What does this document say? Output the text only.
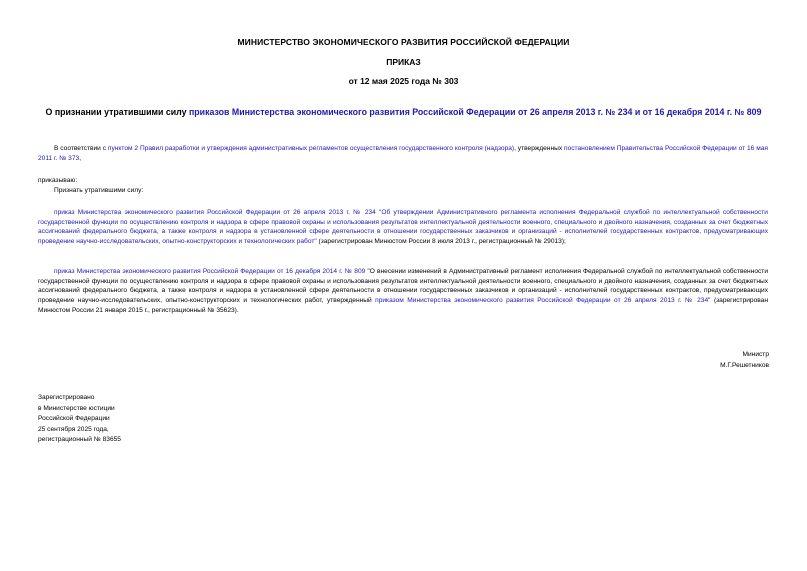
МИНИСТЕРСТВО ЭКОНОМИЧЕСКОГО РАЗВИТИЯ РОССИЙСКОЙ ФЕДЕРАЦИИ
ПРИКАЗ
от 12 мая 2025 года № 303
О признании утратившими силу приказов Министерства экономического развития Российской Федерации от 26 апреля 2013 г. № 234 и от 16 декабря 2014 г. № 809
В соответствии с пунктом 2 Правил разработки и утверждения административных регламентов осуществления государственного контроля (надзора), утвержденных постановлением Правительства Российской Федерации от 16 мая 2011 г. № 373,
приказываю:
Признать утратившими силу:
приказ Министерства экономического развития Российской Федерации от 26 апреля 2013 г. № 234 "Об утверждении Административного регламента исполнения Федеральной службой по интеллектуальной собственности государственной функции по осуществлению контроля и надзора в сфере правовой охраны и использования результатов интеллектуальной деятельности военного, специального и двойного назначения, созданных за счет бюджетных ассигнований федерального бюджета, а также контроля и надзора в установленной сфере деятельности в отношении государственных заказчиков и организаций - исполнителей государственных контрактов, предусматривающих проведение научно-исследовательских, опытно-конструкторских и технологических работ" (зарегистрирован Минюстом России 8 июля 2013 г., регистрационный № 29013);
приказ Министерства экономического развития Российской Федерации от 16 декабря 2014 г. № 809 "О внесении изменений в Административный регламент исполнения Федеральной службой по интеллектуальной собственности государственной функции по осуществлению контроля и надзора в сфере правовой охраны и использования результатов интеллектуальной деятельности военного, специального и двойного назначения, созданных за счет бюджетных ассигнований федерального бюджета, а также контроля и надзора в установленной сфере деятельности в отношении государственных заказчиков и организаций - исполнителей государственных контрактов, предусматривающих проведение научно-исследовательских, опытно-конструкторских и технологических работ, утвержденный приказом Министерства экономического развития Российской Федерации от 26 апреля 2013 г. № 234" (зарегистрирован Минюстом России 21 января 2015 г., регистрационный № 35623).
Министр
М.Г.Решетников
Зарегистрировано
в Министерстве юстиции
Российской Федерации
25 сентября 2025 года,
регистрационный № 83655
